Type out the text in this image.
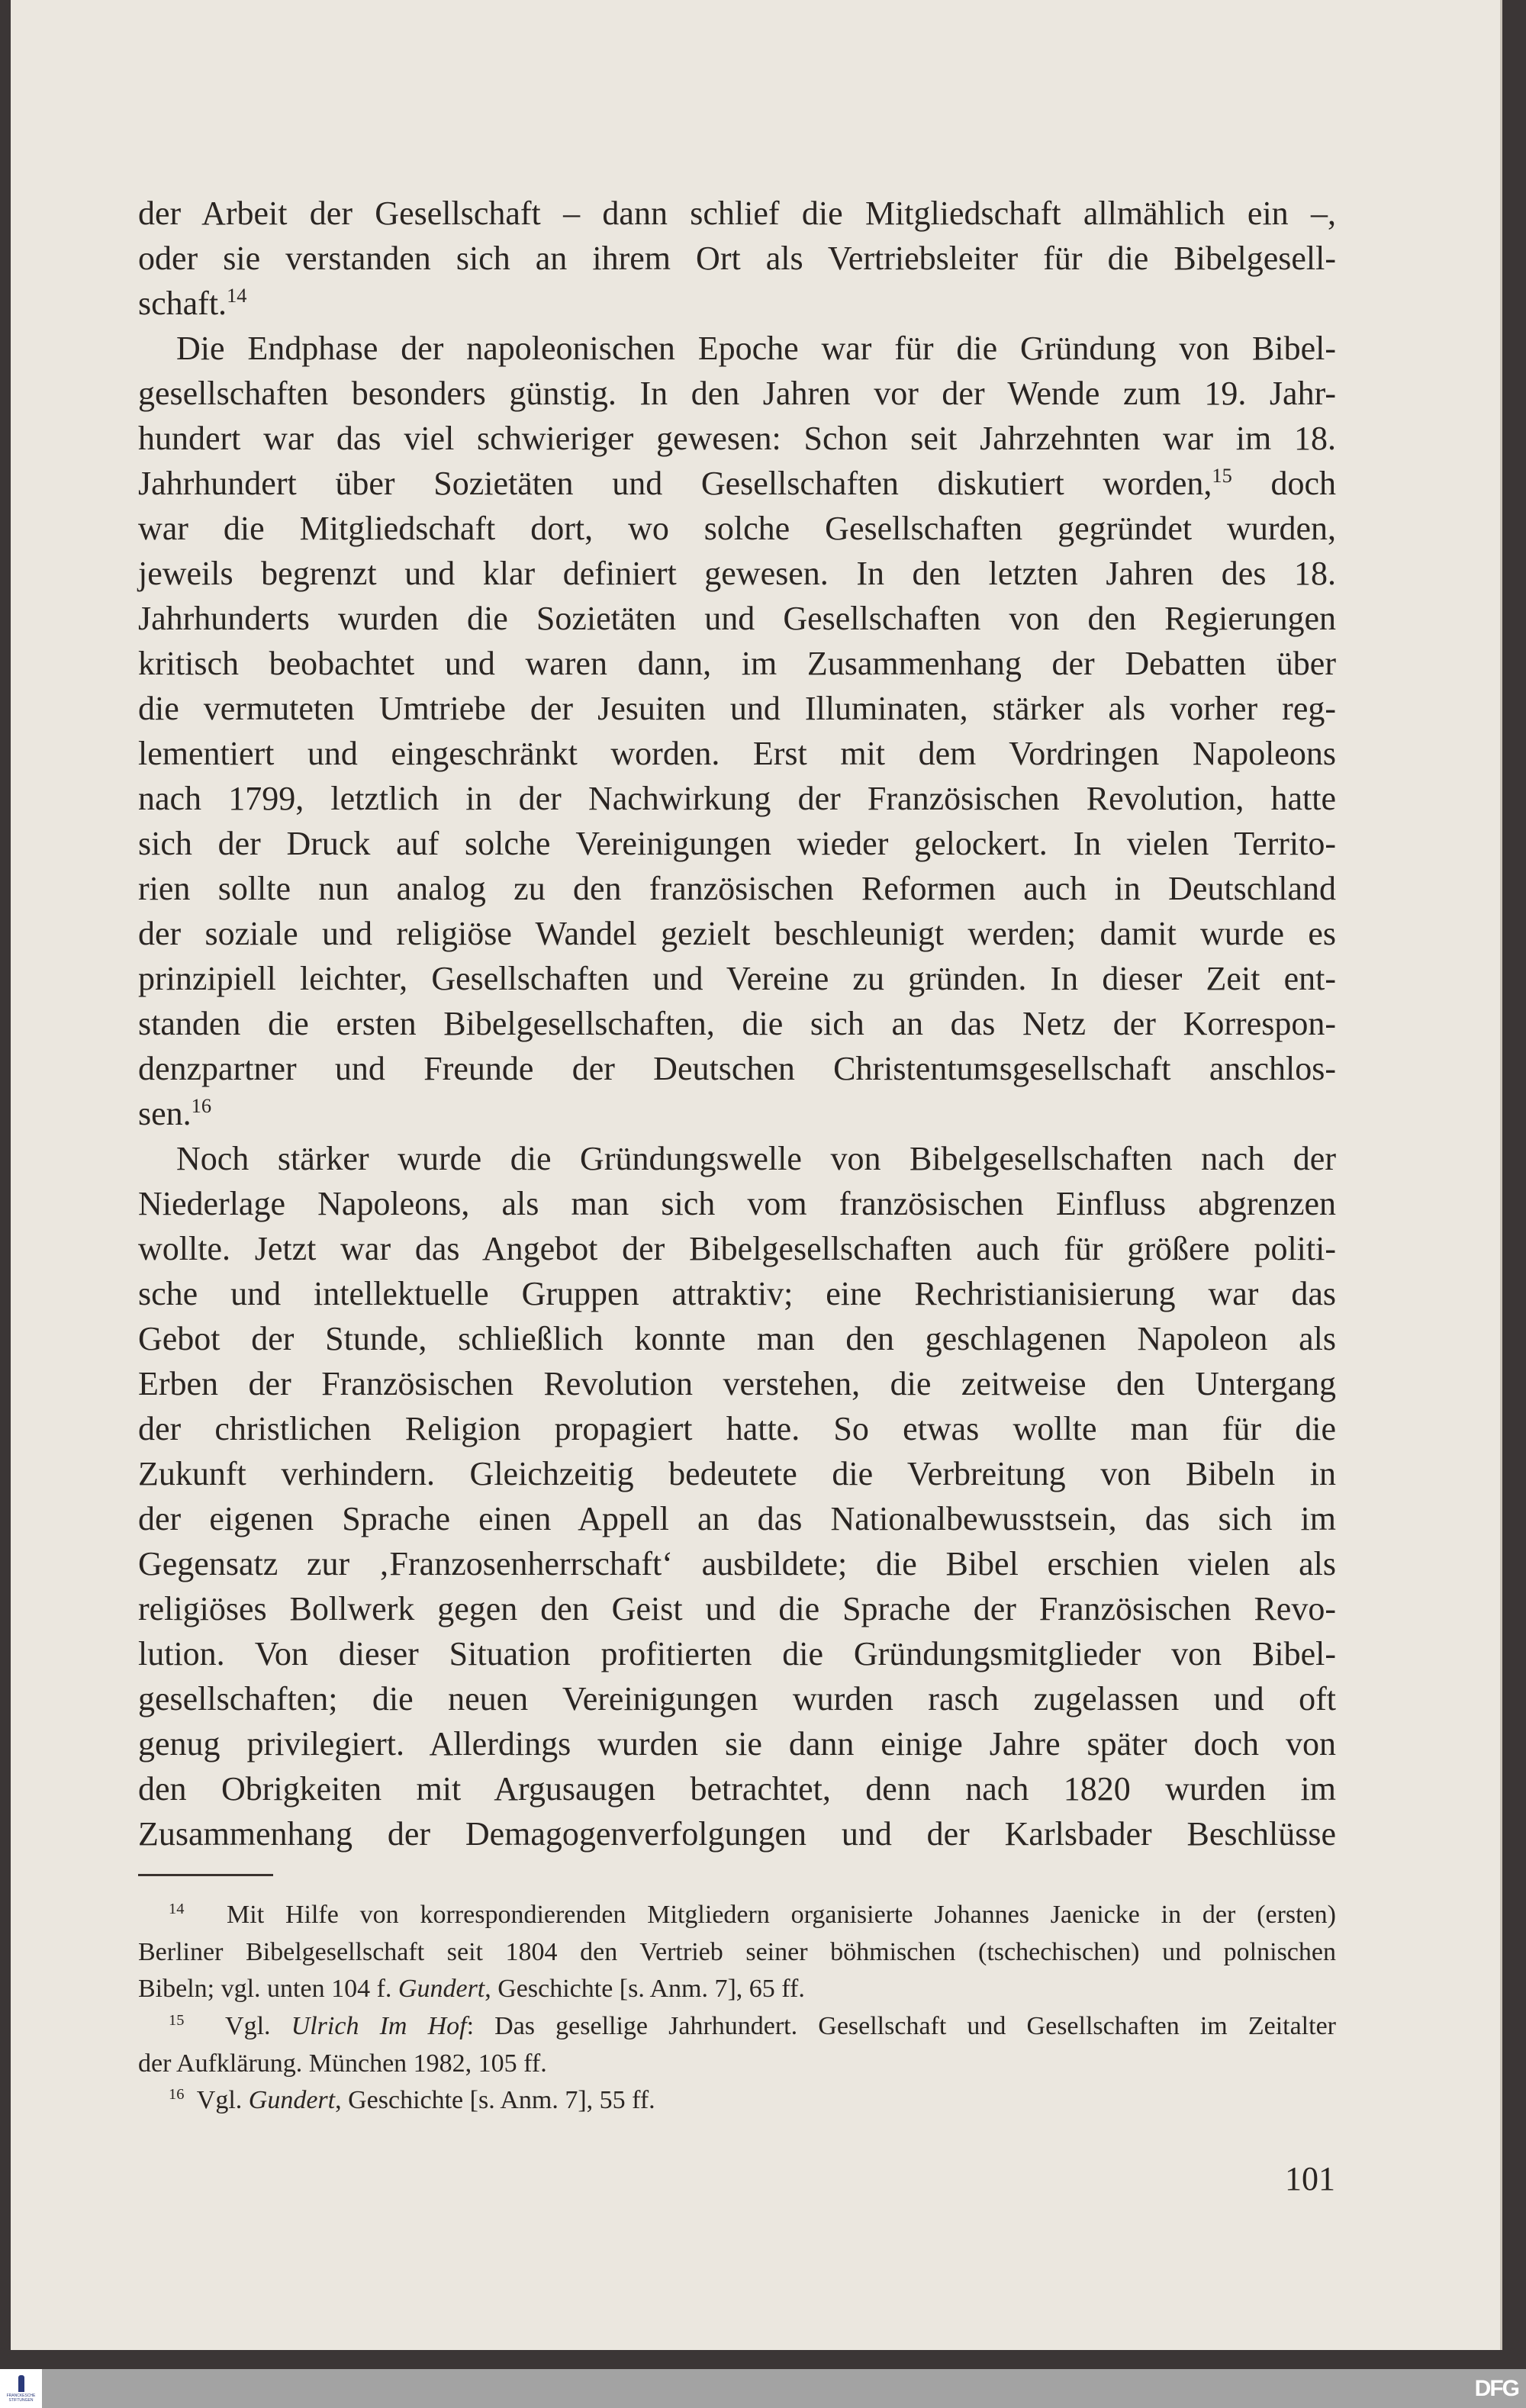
der Arbeit der Gesellschaft – dann schlief die Mitgliedschaft allmählich ein –,
oder sie verstanden sich an ihrem Ort als Vertriebsleiter für die Bibelgesell-
schaft.$^{14}$
Die Endphase der napoleonischen Epoche war für die Gründung von Bibel-
gesellschaften besonders günstig. In den Jahren vor der Wende zum 19. Jahr-
hundert war das viel schwieriger gewesen: Schon seit Jahrzehnten war im 18.
Jahrhundert über Sozietäten und Gesellschaften diskutiert worden,$^{15}$ doch
war die Mitgliedschaft dort, wo solche Gesellschaften gegründet wurden,
jeweils begrenzt und klar definiert gewesen. In den letzten Jahren des 18.
Jahrhunderts wurden die Sozietäten und Gesellschaften von den Regierungen
kritisch beobachtet und waren dann, im Zusammenhang der Debatten über
die vermuteten Umtriebe der Jesuiten und Illuminaten, stärker als vorher reg-
lementiert und eingeschränkt worden. Erst mit dem Vordringen Napoleons
nach 1799, letztlich in der Nachwirkung der Französischen Revolution, hatte
sich der Druck auf solche Vereinigungen wieder gelockert. In vielen Territo-
rien sollte nun analog zu den französischen Reformen auch in Deutschland
der soziale und religiöse Wandel gezielt beschleunigt werden; damit wurde es
prinzipiell leichter, Gesellschaften und Vereine zu gründen. In dieser Zeit ent-
standen die ersten Bibelgesellschaften, die sich an das Netz der Korrespon-
denzpartner und Freunde der Deutschen Christentumsgesellschaft anschlos-
sen.$^{16}$
Noch stärker wurde die Gründungswelle von Bibelgesellschaften nach der
Niederlage Napoleons, als man sich vom französischen Einfluss abgrenzen
wollte. Jetzt war das Angebot der Bibelgesellschaften auch für größere politi-
sche und intellektuelle Gruppen attraktiv; eine Rechristianisierung war das
Gebot der Stunde, schließlich konnte man den geschlagenen Napoleon als
Erben der Französischen Revolution verstehen, die zeitweise den Untergang
der christlichen Religion propagiert hatte. So etwas wollte man für die
Zukunft verhindern. Gleichzeitig bedeutete die Verbreitung von Bibeln in
der eigenen Sprache einen Appell an das Nationalbewusstsein, das sich im
Gegensatz zur ‚Franzosenherrschaft‘ ausbildete; die Bibel erschien vielen als
religiöses Bollwerk gegen den Geist und die Sprache der Französischen Revo-
lution. Von dieser Situation profitierten die Gründungsmitglieder von Bibel-
gesellschaften; die neuen Vereinigungen wurden rasch zugelassen und oft
genug privilegiert. Allerdings wurden sie dann einige Jahre später doch von
den Obrigkeiten mit Argusaugen betrachtet, denn nach 1820 wurden im
Zusammenhang der Demagogenverfolgungen und der Karlsbader Beschlüsse
$^{14}$  Mit Hilfe von korrespondierenden Mitgliedern organisierte Johannes Jaenicke in der (ersten)
Berliner Bibelgesellschaft seit 1804 den Vertrieb seiner böhmischen (tschechischen) und polnischen
Bibeln; vgl. unten 104 f. Gundert, Geschichte [s. Anm. 7], 65 ff.
$^{15}$  Vgl. Ulrich Im Hof: Das gesellige Jahrhundert. Gesellschaft und Gesellschaften im Zeitalter
der Aufklärung. München 1982, 105 ff.
$^{16}$  Vgl. Gundert, Geschichte [s. Anm. 7], 55 ff.
101
FRANCKESCHE STIFTUNGEN	DFG
